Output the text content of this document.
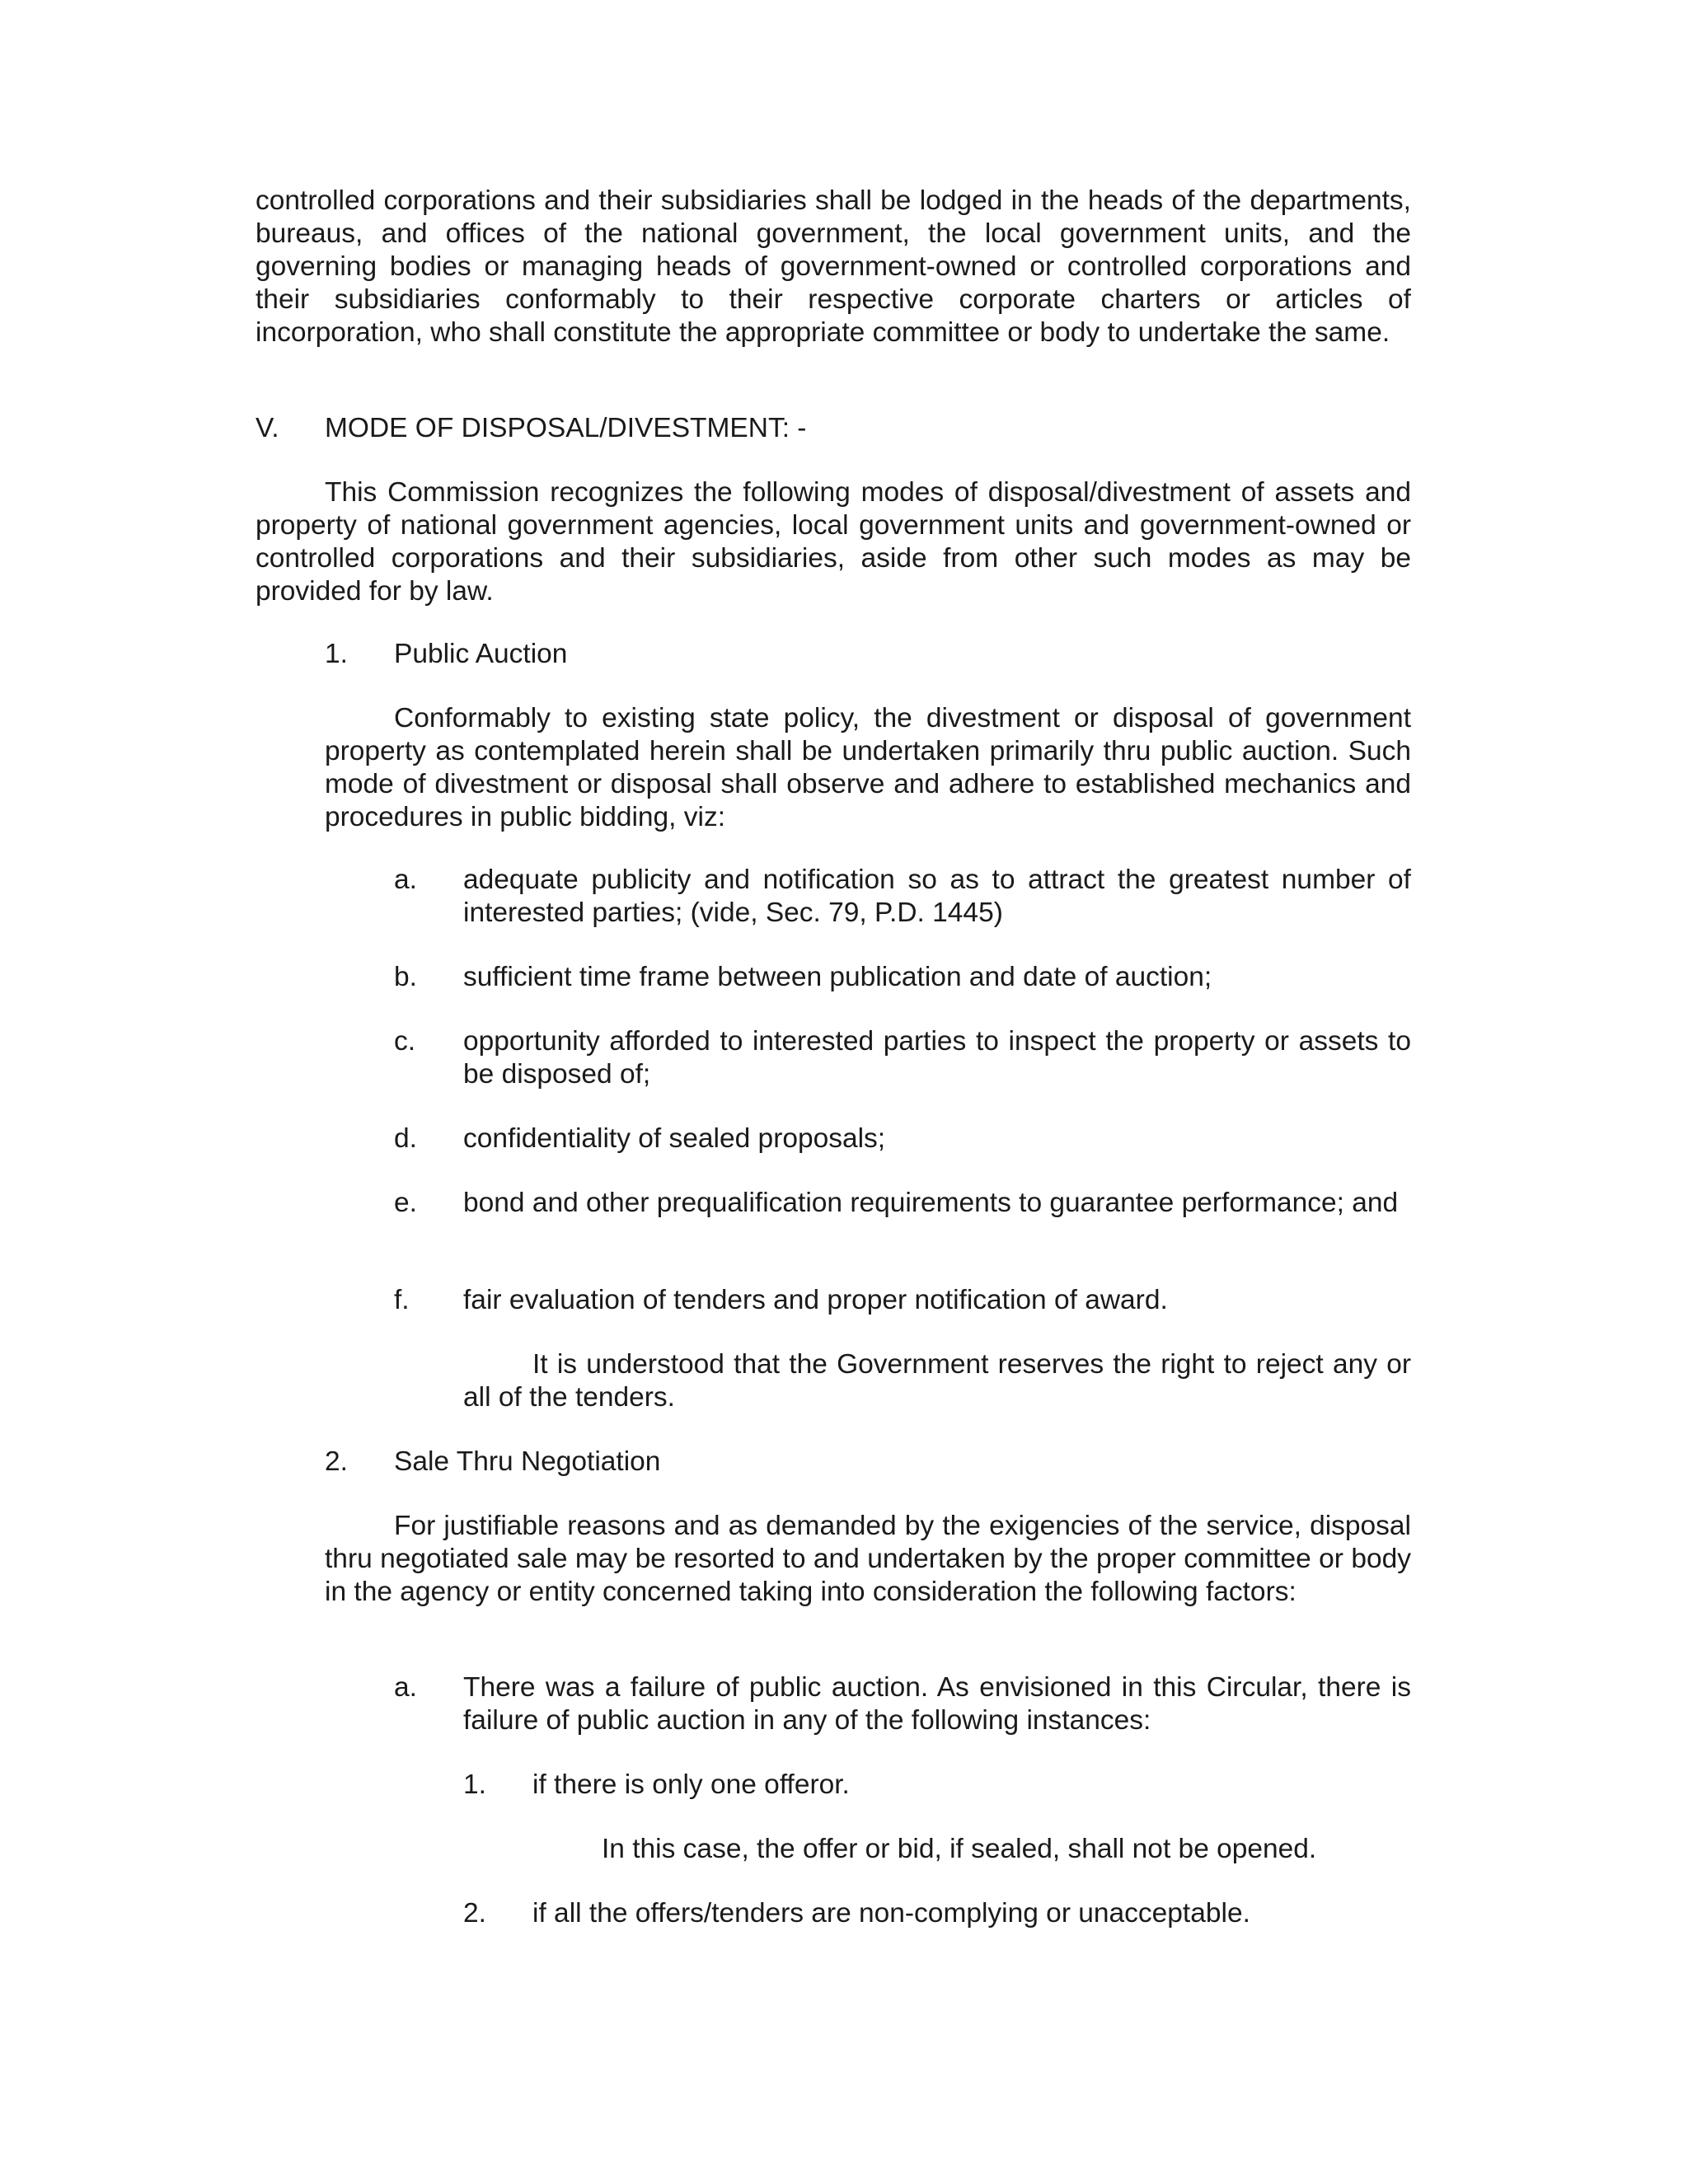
controlled corporations and their subsidiaries shall be lodged in the heads of the departments, bureaus, and offices of the national government, the local government units, and the governing bodies or managing heads of government-owned or controlled corporations and their subsidiaries conformably to their respective corporate charters or articles of incorporation, who shall constitute the appropriate committee or body to undertake the same.

V. MODE OF DISPOSAL/DIVESTMENT: -

This Commission recognizes the following modes of disposal/divestment of assets and property of national government agencies, local government units and government-owned or controlled corporations and their subsidiaries, aside from other such modes as may be provided for by law.

1. Public Auction

Conformably to existing state policy, the divestment or disposal of government property as contemplated herein shall be undertaken primarily thru public auction. Such mode of divestment or disposal shall observe and adhere to established mechanics and procedures in public bidding, viz:

a. adequate publicity and notification so as to attract the greatest number of interested parties; (vide, Sec. 79, P.D. 1445)

b. sufficient time frame between publication and date of auction;

c. opportunity afforded to interested parties to inspect the property or assets to be disposed of;

d. confidentiality of sealed proposals;

e. bond and other prequalification requirements to guarantee performance; and

f. fair evaluation of tenders and proper notification of award.

It is understood that the Government reserves the right to reject any or all of the tenders.

2. Sale Thru Negotiation

For justifiable reasons and as demanded by the exigencies of the service, disposal thru negotiated sale may be resorted to and undertaken by the proper committee or body in the agency or entity concerned taking into consideration the following factors:

a. There was a failure of public auction. As envisioned in this Circular, there is failure of public auction in any of the following instances:

1. if there is only one offeror.
In this case, the offer or bid, if sealed, shall not be opened.
2. if all the offers/tenders are non-complying or unacceptable.
